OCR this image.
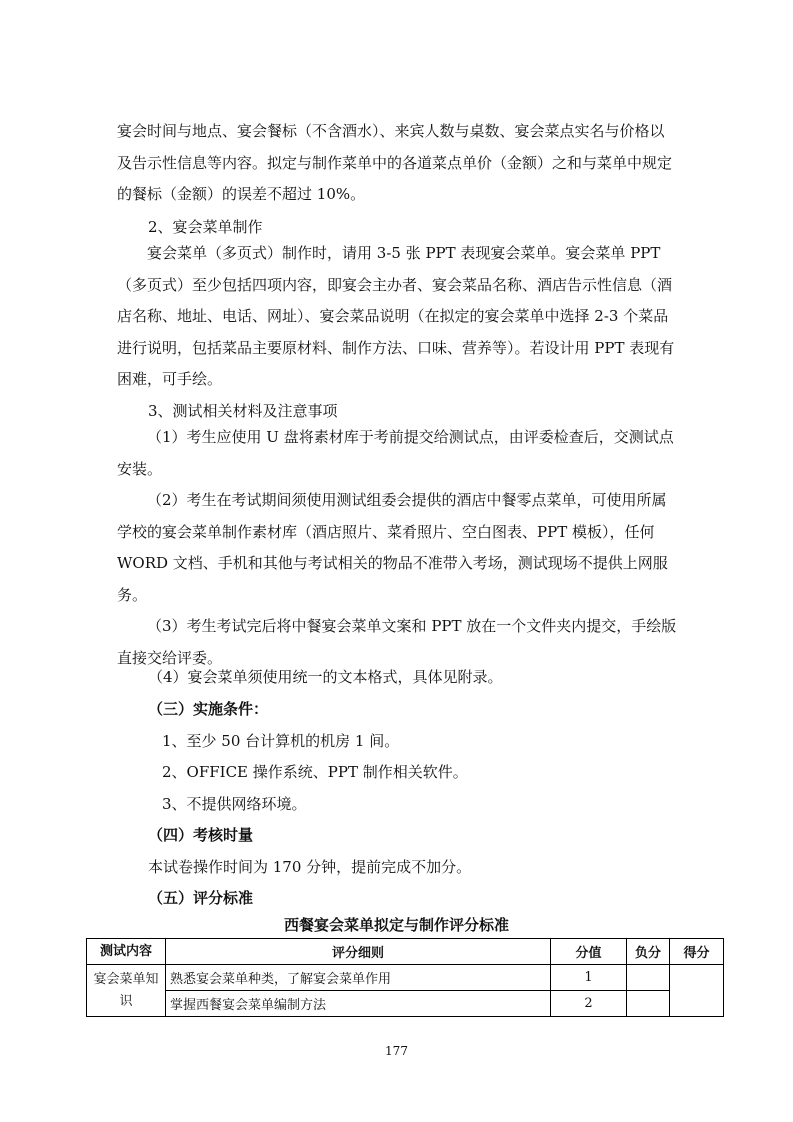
宴会时间与地点、宴会餐标（不含酒水）、来宾人数与桌数、宴会菜点实名与价格以及告示性信息等内容。拟定与制作菜单中的各道菜点单价（金额）之和与菜单中规定的餐标（金额）的误差不超过 10%。

2、宴会菜单制作

宴会菜单（多页式）制作时，请用 3-5 张 PPT 表现宴会菜单。宴会菜单 PPT（多页式）至少包括四项内容，即宴会主办者、宴会菜品名称、酒店告示性信息（酒店名称、地址、电话、网址）、宴会菜品说明（在拟定的宴会菜单中选择 2-3 个菜品进行说明，包括菜品主要原材料、制作方法、口味、营养等）。若设计用 PPT 表现有困难，可手绘。

3、测试相关材料及注意事项

（1）考生应使用 U 盘将素材库于考前提交给测试点，由评委检查后，交测试点安装。

（2）考生在考试期间须使用测试组委会提供的酒店中餐零点菜单，可使用所属学校的宴会菜单制作素材库（酒店照片、菜肴照片、空白图表、PPT 模板），任何 WORD 文档、手机和其他与考试相关的物品不准带入考场，测试现场不提供上网服务。

（3）考生考试完后将中餐宴会菜单文案和 PPT 放在一个文件夹内提交，手绘版直接交给评委。

（4）宴会菜单须使用统一的文本格式，具体见附录。

（三）实施条件：

1、至少 50 台计算机的机房 1 间。

2、OFFICE 操作系统、PPT 制作相关软件。

3、不提供网络环境。

（四）考核时量

本试卷操作时间为 170 分钟，提前完成不加分。

（五）评分标准

西餐宴会菜单拟定与制作评分标准
测试内容	评分细则	分值	负分	得分
宴会菜单知识	熟悉宴会菜单种类，了解宴会菜单作用	1		
	掌握西餐宴会菜单编制方法	2		
177
